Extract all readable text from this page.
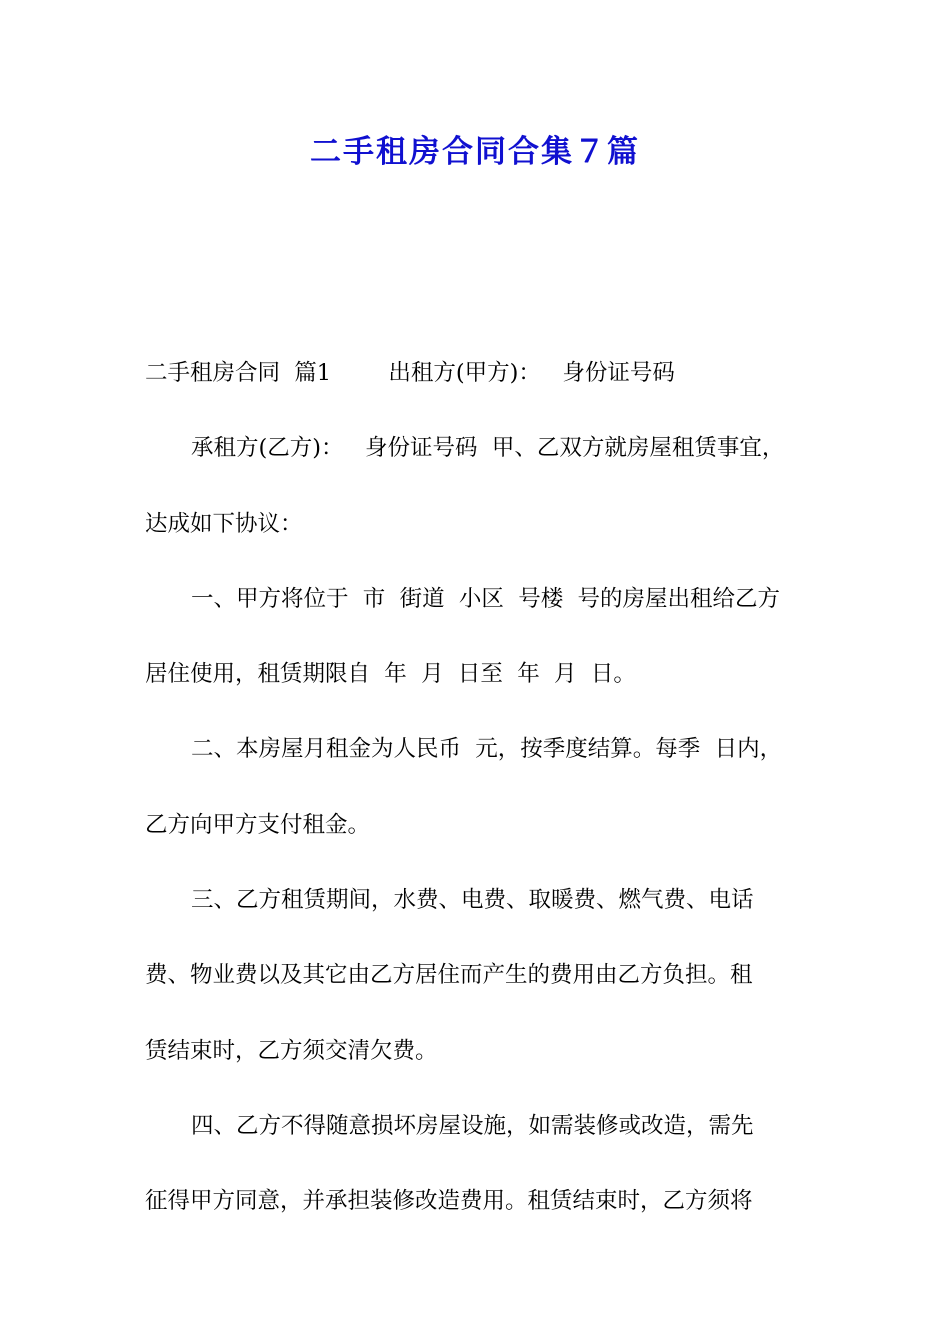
二手租房合同合集７篇
二手租房合同  篇1        出租方(甲方)：   身份证号码
承租方(乙方)：   身份证号码  甲、乙双方就房屋租赁事宜，
达成如下协议：
一、甲方将位于  市  街道  小区  号楼  号的房屋出租给乙方
居住使用，租赁期限自  年  月  日至  年  月  日。
二、本房屋月租金为人民币  元，按季度结算。每季  日内，
乙方向甲方支付租金。
三、乙方租赁期间，水费、电费、取暖费、燃气费、电话
费、物业费以及其它由乙方居住而产生的费用由乙方负担。租
赁结束时，乙方须交清欠费。
四、乙方不得随意损坏房屋设施，如需装修或改造，需先
征得甲方同意，并承担装修改造费用。租赁结束时，乙方须将
